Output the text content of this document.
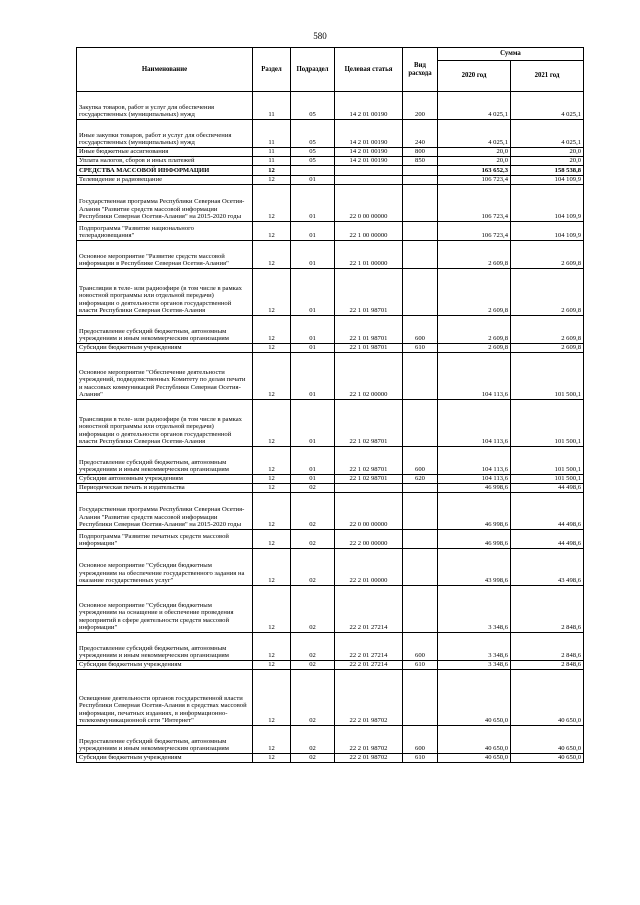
580
Наименование	Раздел	Подраздел	Целевая статья	Вид расхода	Сумма	
					2020 год	2021 год
Закупка товаров, работ и услуг для обеспечения государственных (муниципальных) нужд	11	05	14 2 01 00190	200	4 025,1	4 025,1
Иные закупки товаров, работ и услуг для обеспечения государственных (муниципальных) нужд	11	05	14 2 01 00190	240	4 025,1	4 025,1
Иные бюджетные ассигнования	11	05	14 2 01 00190	800	20,0	20,0
Уплата налогов, сборов и иных платежей	11	05	14 2 01 00190	850	20,0	20,0
СРЕДСТВА МАССОВОЙ ИНФОРМАЦИИ	12				163 652,3	158 538,8
Телевидение и радиовещание	12	01			106 723,4	104 109,9
Государственная программа Республики Северная Осетия-Алания "Развитие средств массовой информации Республики Северная Осетия-Алания" на 2015-2020 годы	12	01	22 0 00 00000		106 723,4	104 109,9
Подпрограмма "Развитие национального телерадиовещания"	12	01	22 1 00 00000		106 723,4	104 109,9
Основное мероприятие "Развитие средств массовой информации в Республике Северная Осетия-Алания"	12	01	22 1 01 00000		2 609,8	2 609,8
Трансляция в теле- или радиоэфире (в том числе в рамках новостной программы или отдельной передачи) информации о деятельности органов государственной власти Республики Северная Осетия-Алания	12	01	22 1 01 98701		2 609,8	2 609,8
Предоставление субсидий бюджетным, автономным учреждениям и иным некоммерческим организациям	12	01	22 1 01 98701	600	2 609,8	2 609,8
Субсидии бюджетным учреждениям	12	01	22 1 01 98701	610	2 609,8	2 609,8
Основное мероприятие "Обеспечение деятельности учреждений, подведомственных Комитету по делам печати и массовых коммуникаций Республики Северная Осетия-Алания"	12	01	22 1 02 00000		104 113,6	101 500,1
Трансляция в теле- или радиоэфире (в том числе в рамках новостной программы или отдельной передачи) информации о деятельности органов государственной власти Республики Северная Осетия-Алания	12	01	22 1 02 98701		104 113,6	101 500,1
Предоставление субсидий бюджетным, автономным учреждениям и иным некоммерческим организациям	12	01	22 1 02 98701	600	104 113,6	101 500,1
Субсидии автономным учреждениям	12	01	22 1 02 98701	620	104 113,6	101 500,1
Периодическая печать и издательства	12	02			46 998,6	44 498,6
Государственная программа Республики Северная Осетия-Алания "Развитие средств массовой информации Республики Северная Осетия-Алания" на 2015-2020 годы	12	02	22 0 00 00000		46 998,6	44 498,6
Подпрограмма "Развитие печатных средств массовой информации"	12	02	22 2 00 00000		46 998,6	44 498,6
Основное мероприятие "Субсидии бюджетным учреждениям на обеспечение государственного задания на оказание государственных услуг"	12	02	22 2 01 00000		43 998,6	43 498,6
Основное мероприятие "Субсидии бюджетным учреждениям на оснащение и обеспечение проведения мероприятий в сфере деятельности средств массовой информации"	12	02	22 2 01 27214		3 348,6	2 848,6
Предоставление субсидий бюджетным, автономным учреждениям и иным некоммерческим организациям	12	02	22 2 01 27214	600	3 348,6	2 848,6
Субсидии бюджетным учреждениям	12	02	22 2 01 27214	610	3 348,6	2 848,6
Освещение деятельности органов государственной власти Республики Северная Осетия-Алания в средствах массовой информации, печатных изданиях, в информационно-телекоммуникационной сети "Интернет"	12	02	22 2 01 98702		40 650,0	40 650,0
Предоставление субсидий бюджетным, автономным учреждениям и иным некоммерческим организациям	12	02	22 2 01 98702	600	40 650,0	40 650,0
Субсидии бюджетным учреждениям	12	02	22 2 01 98702	610	40 650,0	40 650,0
